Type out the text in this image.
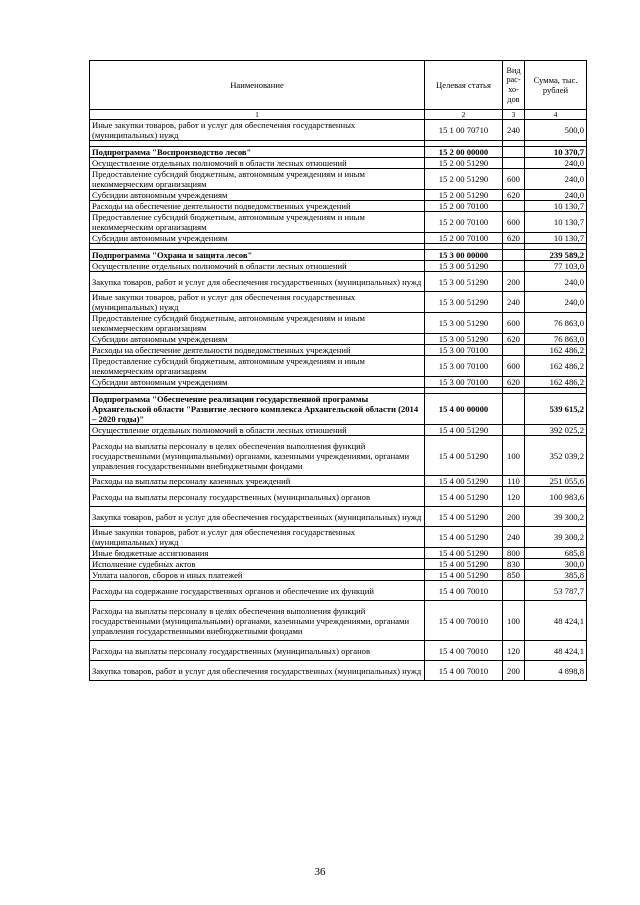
Наименование	Целевая статья	Вид рас-хо-дов	Сумма, тыс. рублей
1	2	3	4
Иные закупки товаров, работ и услуг для обеспечения государственных (муниципальных) нужд	15 1 00 70710	240	500,0

Подпрограмма "Воспроизводство лесов"	15 2 00 00000		10 370,7
Осуществление отдельных полномочий в области лесных отношений	15 2 00 51290		240,0
Предоставление субсидий бюджетным, автономным учреждениям и иным некоммерческим организациям	15 2 00 51290	600	240,0
Субсидии автономным учреждениям	15 2 00 51290	620	240,0
Расходы на обеспечение деятельности подведомственных учреждений	15 2 00 70100		10 130,7
Предоставление субсидий бюджетным, автономным учреждениям и иным некоммерческим организациям	15 2 00 70100	600	10 130,7
Субсидии автономным учреждениям	15 2 00 70100	620	10 130,7

Подпрограмма "Охрана и защита лесов"	15 3 00 00000		239 589,2
Осуществление отдельных полномочий в области лесных отношений	15 3 00 51290		77 103,0
Закупка товаров, работ и услуг для обеспечения государственных (муниципальных) нужд	15 3 00 51290	200	240,0
Иные закупки товаров, работ и услуг для обеспечения государственных (муниципальных) нужд	15 3 00 51290	240	240,0
Предоставление субсидий бюджетным, автономным учреждениям и иным некоммерческим организациям	15 3 00 51290	600	76 863,0
Субсидии автономным учреждениям	15 3 00 51290	620	76 863,0
Расходы на обеспечение деятельности подведомственных учреждений	15 3 00 70100		162 486,2
Предоставление субсидий бюджетным, автономным учреждениям и иным некоммерческим организациям	15 3 00 70100	600	162 486,2
Субсидии автономным учреждениям	15 3 00 70100	620	162 486,2

Подпрограмма "Обеспечение реализации государственной программы Архангельской области "Развитие лесного комплекса Архангельской области (2014 – 2020 годы)"	15 4 00 00000		539 615,2
Осуществление отдельных полномочий в области лесных отношений	15 4 00 51290		392 025,2
Расходы на выплаты персоналу в целях обеспечения выполнения функций государственными (муниципальными) органами, казенными учреждениями, органами управления государственными внебюджетными фондами	15 4 00 51290	100	352 039,2
Расходы на выплаты персоналу казенных учреждений	15 4 00 51290	110	251 055,6
Расходы на выплаты персоналу государственных (муниципальных) органов	15 4 00 51290	120	100 983,6
Закупка товаров, работ и услуг для обеспечения государственных (муниципальных) нужд	15 4 00 51290	200	39 300,2
Иные закупки товаров, работ и услуг для обеспечения государственных (муниципальных) нужд	15 4 00 51290	240	39 300,2
Иные бюджетные ассигнования	15 4 00 51290	800	685,8
Исполнение судебных актов	15 4 00 51290	830	300,0
Уплата налогов, сборов и иных платежей	15 4 00 51290	850	385,8
Расходы на содержание государственных органов и обеспечение их функций	15 4 00 70010		53 787,7
Расходы на выплаты персоналу в целях обеспечения выполнения функций государственными (муниципальными) органами, казенными учреждениями, органами управления государственными внебюджетными фондами	15 4 00 70010	100	48 424,1
Расходы на выплаты персоналу государственных (муниципальных) органов	15 4 00 70010	120	48 424,1
Закупка товаров, работ и услуг для обеспечения государственных (муниципальных) нужд	15 4 00 70010	200	4 898,8
36
